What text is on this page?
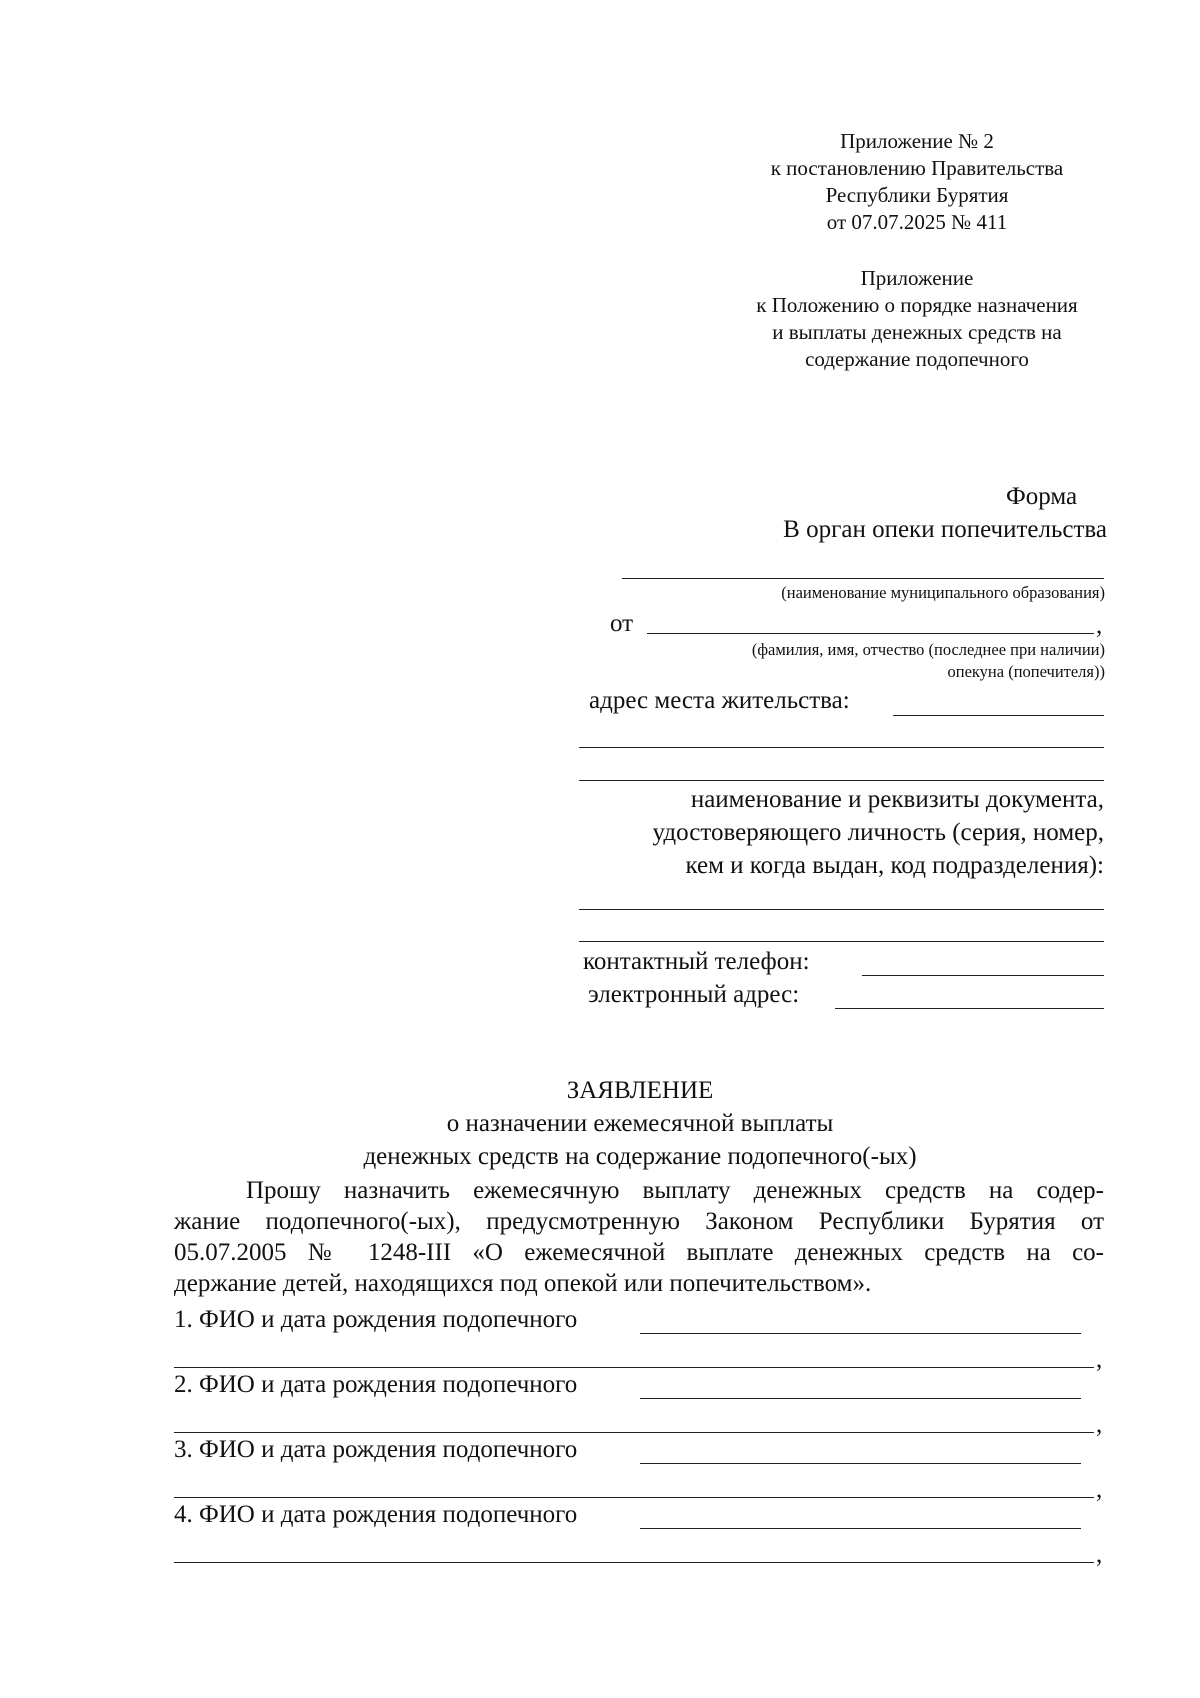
Приложение № 2
к постановлению Правительства
Республики Бурятия
от 07.07.2025 № 411
Приложение
к Положению о порядке назначения
и выплаты денежных средств на
содержание подопечного
Форма
В орган опеки попечительства
(наименование муниципального образования)
от	,
(фамилия, имя, отчество (последнее при наличии)
опекуна (попечителя))
адрес места жительства:
наименование и реквизиты документа,
удостоверяющего личность (серия, номер,
кем и когда выдан, код подразделения):
контактный телефон:
электронный адрес:
ЗАЯВЛЕНИЕ
о назначении ежемесячной выплаты
денежных средств на содержание подопечного(-ых)
Прошу назначить ежемесячную выплату денежных средств на содер-
жание подопечного(-ых), предусмотренную Законом Республики Бурятия от
05.07.2005 № 1248-III «О ежемесячной выплате денежных средств на со-
держание детей, находящихся под опекой или попечительством».
1. ФИО и дата рождения подопечного
,
2. ФИО и дата рождения подопечного
,
3. ФИО и дата рождения подопечного
,
4. ФИО и дата рождения подопечного
,
